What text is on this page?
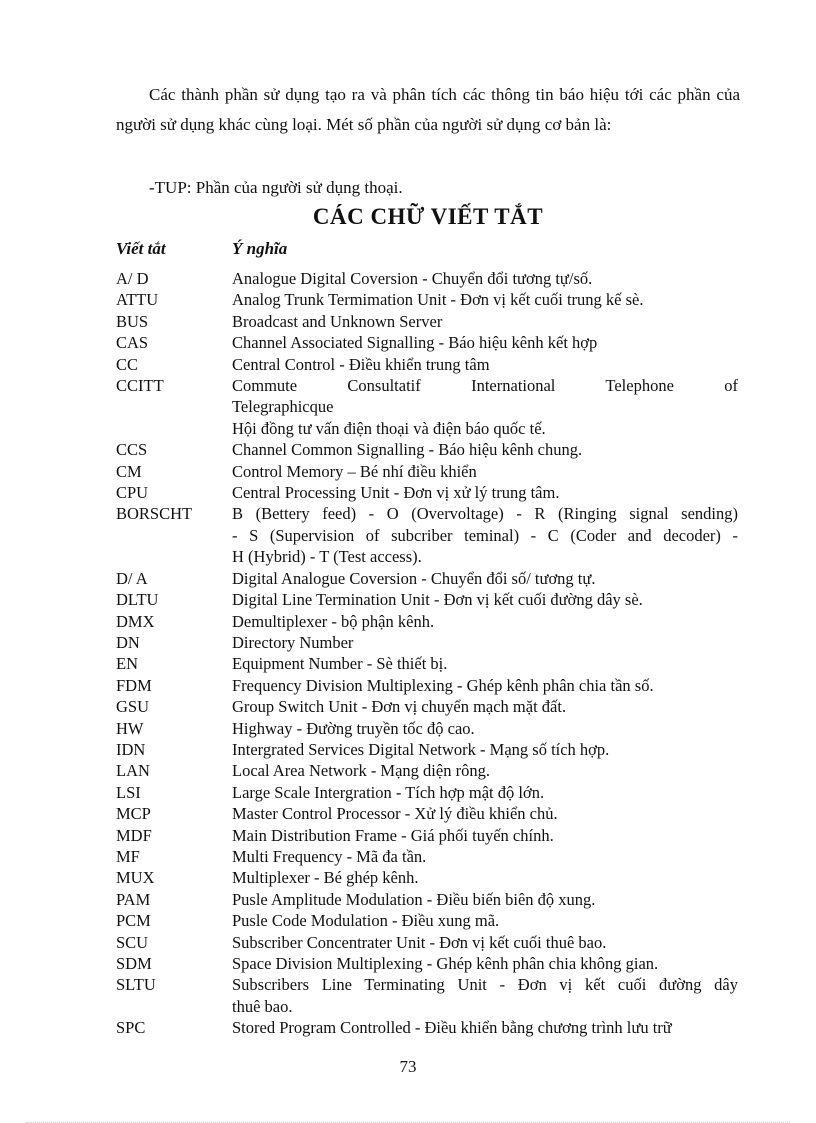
Các thành phần sử dụng tạo ra và phân tích các thông tin báo hiệu tới các phần của người sử dụng khác cùng loại. Mét số phần của người sử dụng cơ bản là:
-TUP: Phần của người sử dụng thoại.
CÁC CHỮ VIẾT TẮT
Viết tắt	Ý nghĩa
A/ D	Analogue Digital Coversion - Chuyển đổi tương tự/số.
ATTU	Analog Trunk Termimation Unit - Đơn vị kết cuối trung kế sè.
BUS	Broadcast and Unknown Server
CAS	Channel Associated Signalling - Báo hiệu kênh kết hợp
CC	Central Control - Điều khiển trung tâm
CCITT	Commute Consultatif International Telephone of
Telegraphicque
Hội đồng tư vấn điện thoại và điện báo quốc tế.
CCS	Channel Common Signalling - Báo hiệu kênh chung.
CM	Control Memory – Bé nhí điều khiển
CPU	Central Processing Unit - Đơn vị xử lý trung tâm.
BORSCHT	B (Bettery feed) - O (Overvoltage) - R (Ringing signal sending)
- S (Supervision of subcriber teminal) - C (Coder and decoder) -
H (Hybrid) - T (Test access).
D/ A	Digital Analogue Coversion - Chuyển đổi số/ tương tự.
DLTU	Digital Line Termination Unit - Đơn vị kết cuối đường dây sè.
DMX	Demultiplexer - bộ phận kênh.
DN	Directory Number
EN	Equipment Number - Sè thiết bị.
FDM	Frequency Division Multiplexing - Ghép kênh phân chia tần số.
GSU	Group Switch Unit - Đơn vị chuyển mạch mặt đất.
HW	Highway - Đường truyền tốc độ cao.
IDN	Intergrated Services Digital Network - Mạng số tích hợp.
LAN	Local Area Network - Mạng diện rông.
LSI	Large Scale Intergration - Tích hợp mật độ lớn.
MCP	Master Control Processor - Xử lý điều khiển chủ.
MDF	Main Distribution Frame - Giá phối tuyến chính.
MF	Multi Frequency - Mã đa tần.
MUX	Multiplexer - Bé ghép kênh.
PAM	Pusle Amplitude Modulation - Điều biến biên độ xung.
PCM	Pusle Code Modulation - Điều xung mã.
SCU	Subscriber Concentrater Unit - Đơn vị kết cuối thuê bao.
SDM	Space Division Multiplexing - Ghép kênh phân chia không gian.
SLTU	Subscribers Line Terminating Unit - Đơn vị kết cuối đường dây
thuê bao.
SPC	Stored Program Controlled - Điều khiển bằng chương trình lưu trữ
73
